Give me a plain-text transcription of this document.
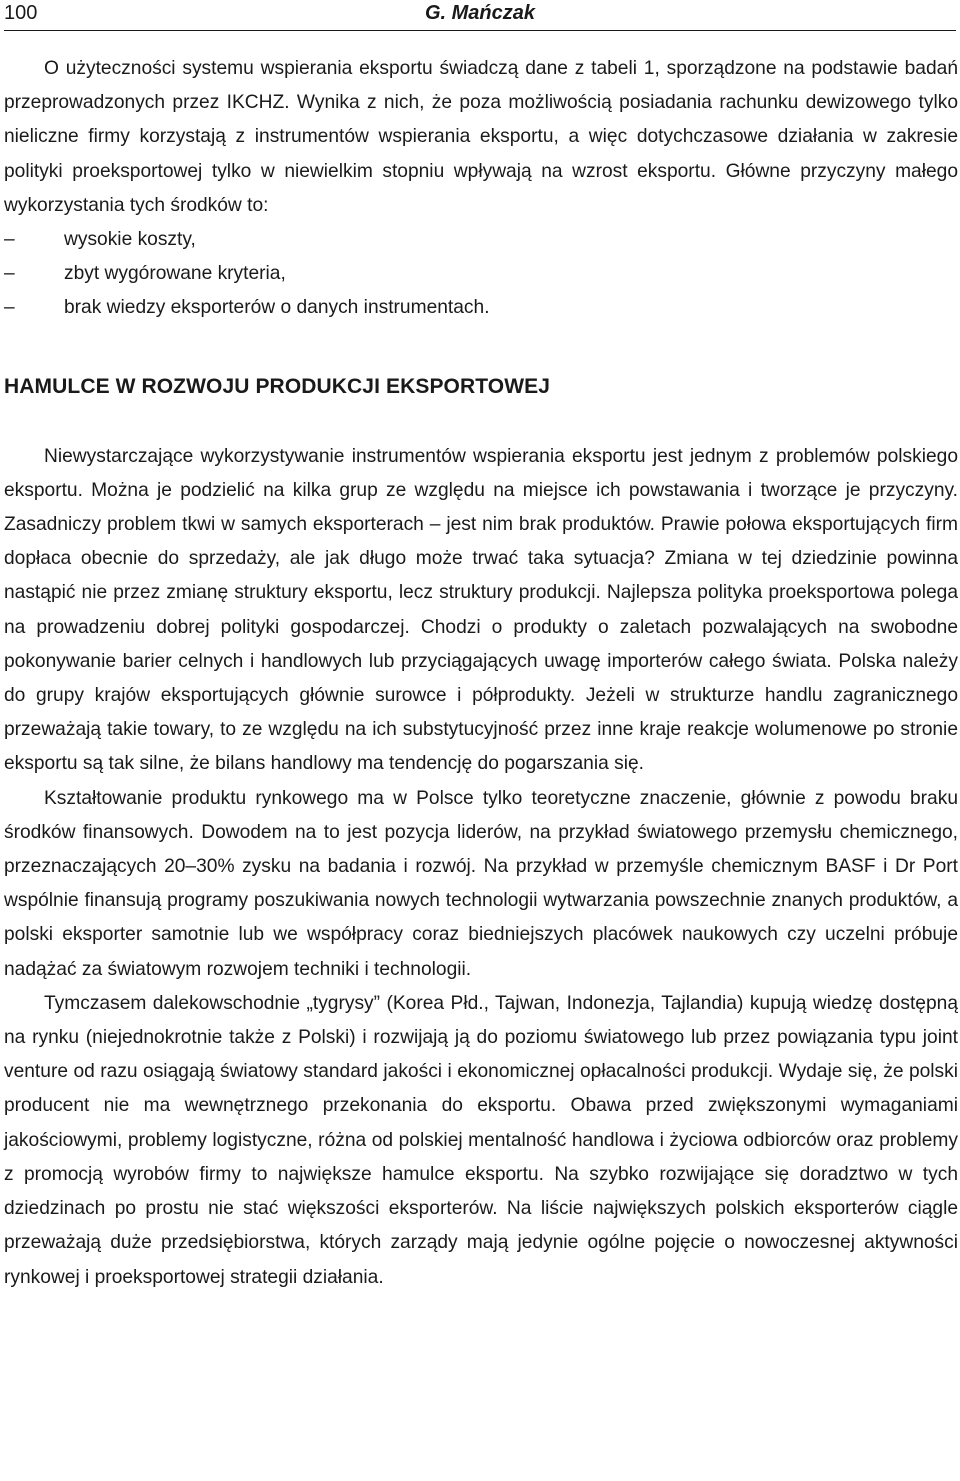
100	G. Mańczak

O użyteczności systemu wspierania eksportu świadczą dane z tabeli 1, sporządzone na podstawie badań przeprowadzonych przez IKCHZ. Wynika z nich, że poza możliwością posiadania rachunku dewizowego tylko nieliczne firmy korzystają z instrumentów wspierania eksportu, a więc dotychczasowe działania w zakresie polityki proeksportowej tylko w niewielkim stopniu wpływają na wzrost eksportu. Główne przyczyny małego wykorzystania tych środków to:

–	wysokie koszty,
–	zbyt wygórowane kryteria,
–	brak wiedzy eksporterów o danych instrumentach.
HAMULCE W ROZWOJU PRODUKCJI EKSPORTOWEJ

Niewystarczające wykorzystywanie instrumentów wspierania eksportu jest jednym z problemów polskiego eksportu. Można je podzielić na kilka grup ze względu na miejsce ich powstawania i tworzące je przyczyny. Zasadniczy problem tkwi w samych eksporterach – jest nim brak produktów. Prawie połowa eksportujących firm dopłaca obecnie do sprzedaży, ale jak długo może trwać taka sytuacja? Zmiana w tej dziedzinie powinna nastąpić nie przez zmianę struktury eksportu, lecz struktury produkcji. Najlepsza polityka proeksportowa polega na prowadzeniu dobrej polityki gospodarczej. Chodzi o produkty o zaletach pozwalających na swobodne pokonywanie barier celnych i handlowych lub przyciągających uwagę importerów całego świata. Polska należy do grupy krajów eksportujących głównie surowce i półprodukty. Jeżeli w strukturze handlu zagranicznego przeważają takie towary, to ze względu na ich substytucyjność przez inne kraje reakcje wolumenowe po stronie eksportu są tak silne, że bilans handlowy ma tendencję do pogarszania się.

Kształtowanie produktu rynkowego ma w Polsce tylko teoretyczne znaczenie, głównie z powodu braku środków finansowych. Dowodem na to jest pozycja liderów, na przykład światowego przemysłu chemicznego, przeznaczających 20–30% zysku na badania i rozwój. Na przykład w przemyśle chemicznym BASF i Dr Port wspólnie finansują programy poszukiwania nowych technologii wytwarzania powszechnie znanych produktów, a polski eksporter samotnie lub we współpracy coraz biedniejszych placówek naukowych czy uczelni próbuje nadążać za światowym rozwojem techniki i technologii.

Tymczasem dalekowschodnie „tygrysy” (Korea Płd., Tajwan, Indonezja, Tajlandia) kupują wiedzę dostępną na rynku (niejednokrotnie także z Polski) i rozwijają ją do poziomu światowego lub przez powiązania typu joint venture od razu osiągają światowy standard jakości i ekonomicznej opłacalności produkcji. Wydaje się, że polski producent nie ma wewnętrznego przekonania do eksportu. Obawa przed zwiększonymi wymaganiami jakościowymi, problemy logistyczne, różna od polskiej mentalność handlowa i życiowa odbiorców oraz problemy z promocją wyrobów firmy to największe hamulce eksportu. Na szybko rozwijające się doradztwo w tych dziedzinach po prostu nie stać większości eksporterów. Na liście największych polskich eksporterów ciągle przeważają duże przedsiębiorstwa, których zarządy mają jedynie ogólne pojęcie o nowoczesnej aktywności rynkowej i proeksportowej strategii działania.
